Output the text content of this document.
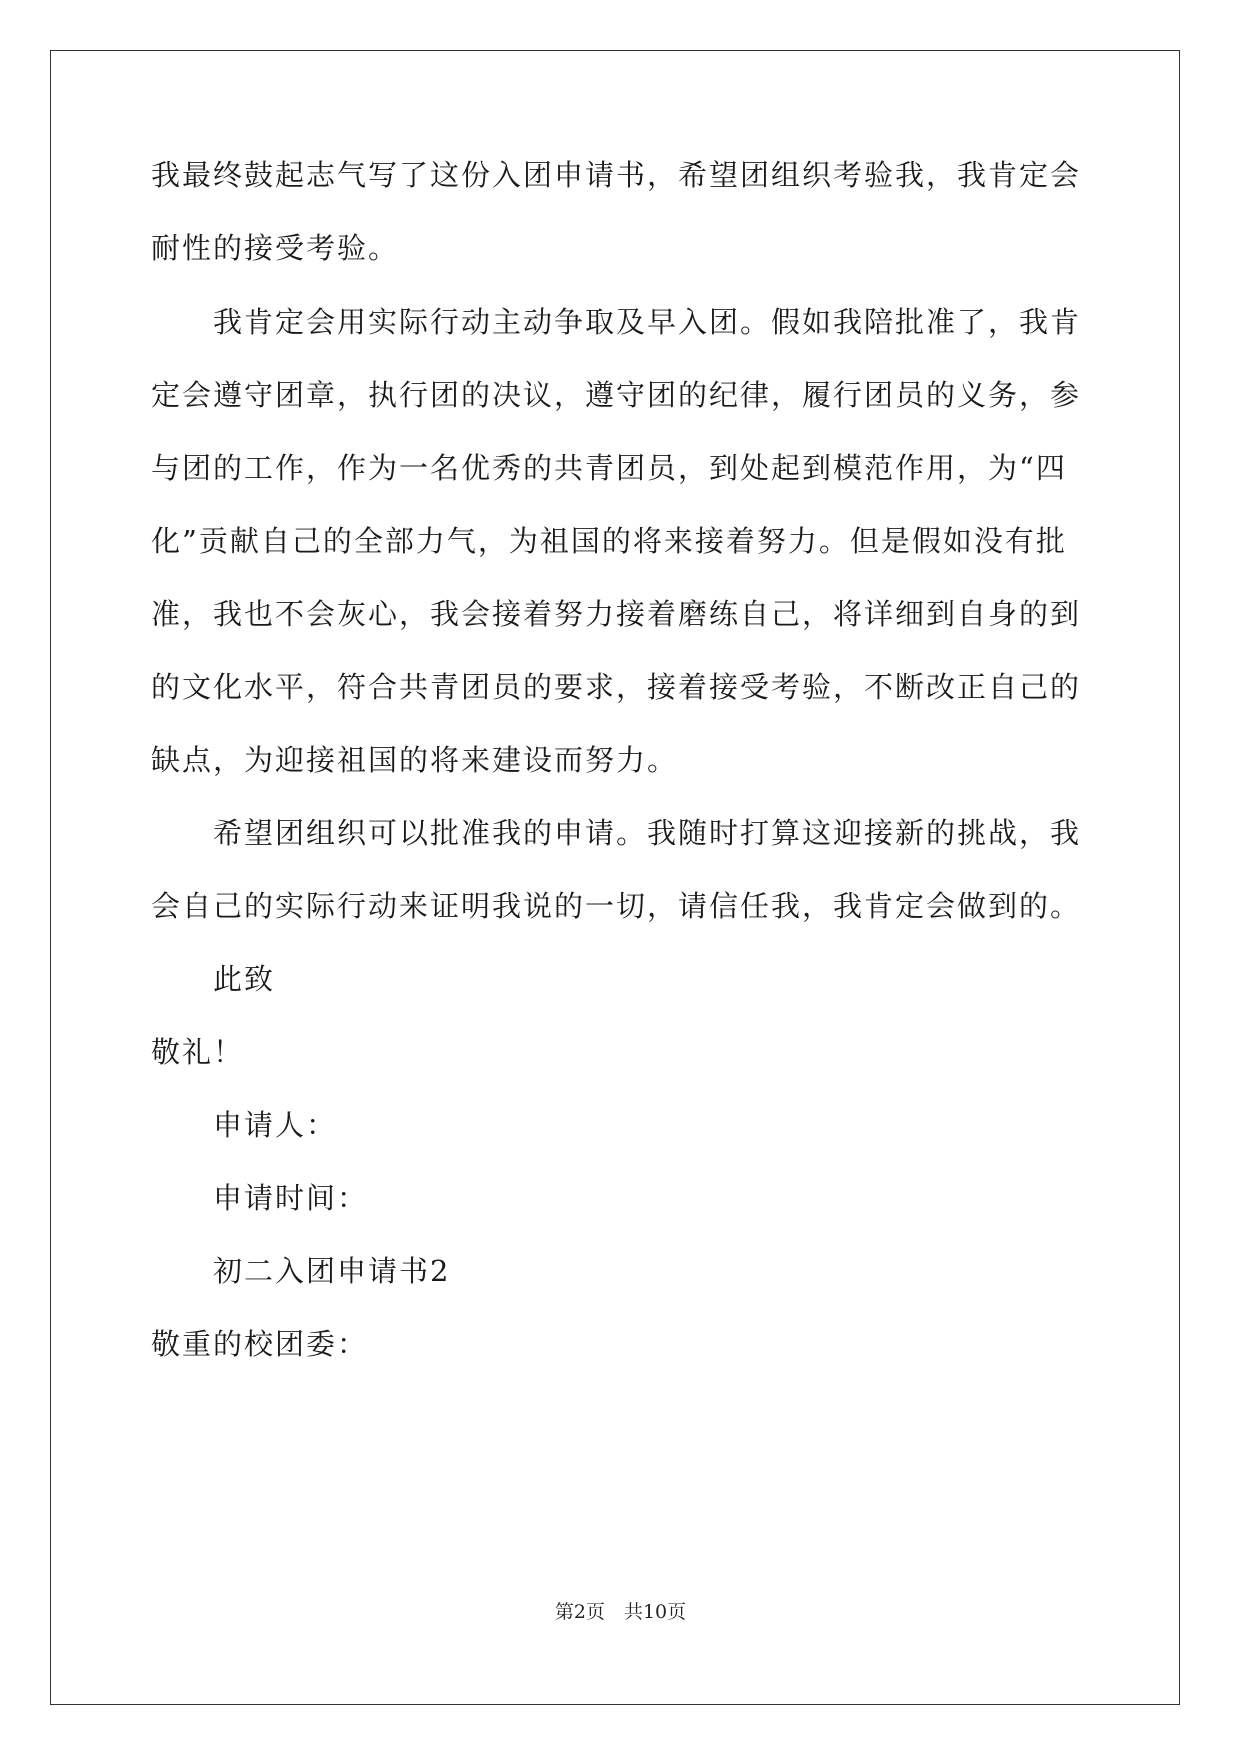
我最终鼓起志气写了这份入团申请书，希望团组织考验我，我肯定会
耐性的接受考验。
我肯定会用实际行动主动争取及早入团。假如我陪批准了，我肯
定会遵守团章，执行团的决议，遵守团的纪律，履行团员的义务，参
与团的工作，作为一名优秀的共青团员，到处起到模范作用，为“四
化”贡献自己的全部力气，为祖国的将来接着努力。但是假如没有批
准，我也不会灰心，我会接着努力接着磨练自己，将详细到自身的到
的文化水平，符合共青团员的要求，接着接受考验，不断改正自己的
缺点，为迎接祖国的将来建设而努力。
希望团组织可以批准我的申请。我随时打算这迎接新的挑战，我
会自己的实际行动来证明我说的一切，请信任我，我肯定会做到的。
此致
敬礼！
申请人：
申请时间：
初二入团申请书2
敬重的校团委：
第2页　共10页
